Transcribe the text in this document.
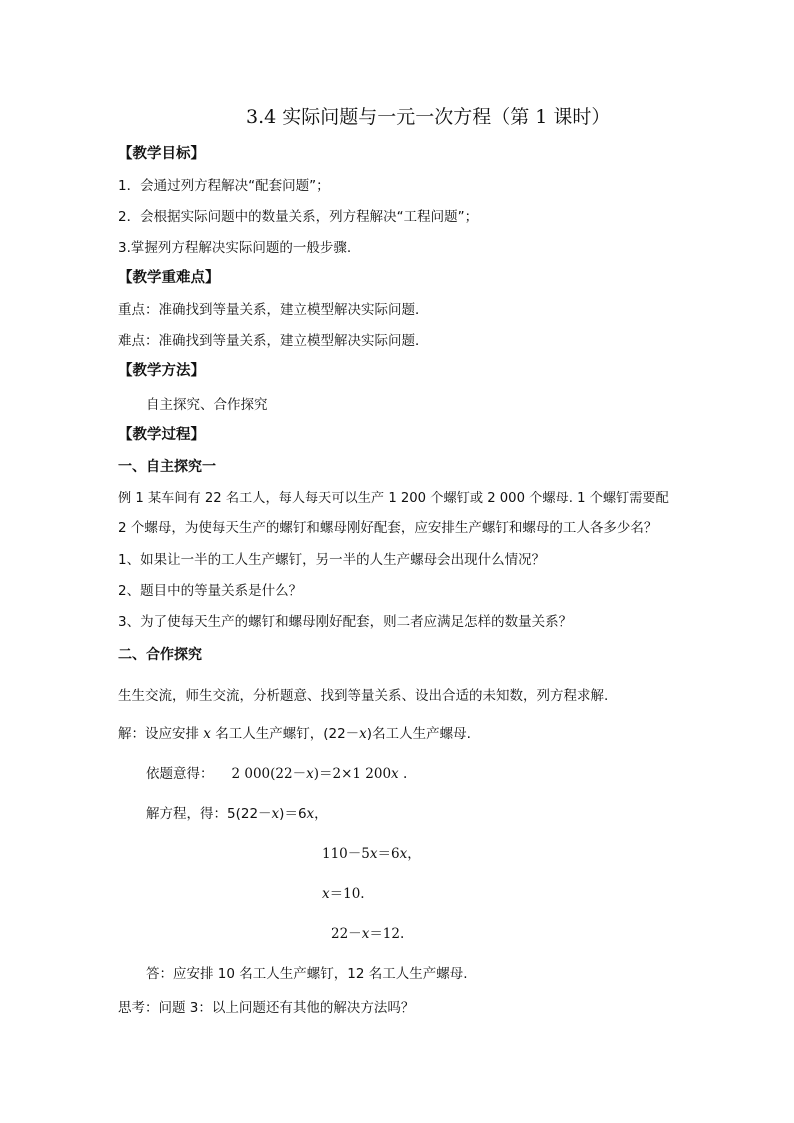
3.4 实际问题与一元一次方程（第 1 课时）
【教学目标】
1．会通过列方程解决“配套问题”；
2．会根据实际问题中的数量关系，列方程解决“工程问题”；
3.掌握列方程解决实际问题的一般步骤.
【教学重难点】
重点：准确找到等量关系，建立模型解决实际问题．
难点：准确找到等量关系，建立模型解决实际问题．
【教学方法】
自主探究、合作探究
【教学过程】
一、自主探究一
例 1 某车间有 22 名工人，每人每天可以生产 1 200 个螺钉或 2 000 个螺母. 1 个螺钉需要配
2 个螺母，为使每天生产的螺钉和螺母刚好配套，应安排生产螺钉和螺母的工人各多少名？
1、如果让一半的工人生产螺钉，另一半的人生产螺母会出现什么情况？
2、题目中的等量关系是什么？
3、为了使每天生产的螺钉和螺母刚好配套，则二者应满足怎样的数量关系？
二、合作探究
生生交流，师生交流，分析题意、找到等量关系、设出合适的未知数，列方程求解.
解：设应安排 x 名工人生产螺钉，(22－x)名工人生产螺母.
依题意得： 2 000(22－x)＝2×1 200x .
解方程，得：5(22－x)＝6x，
110－5x＝6x，
x＝10.
22－x＝12.
答：应安排 10 名工人生产螺钉，12 名工人生产螺母.
思考：问题 3：以上问题还有其他的解决方法吗？
